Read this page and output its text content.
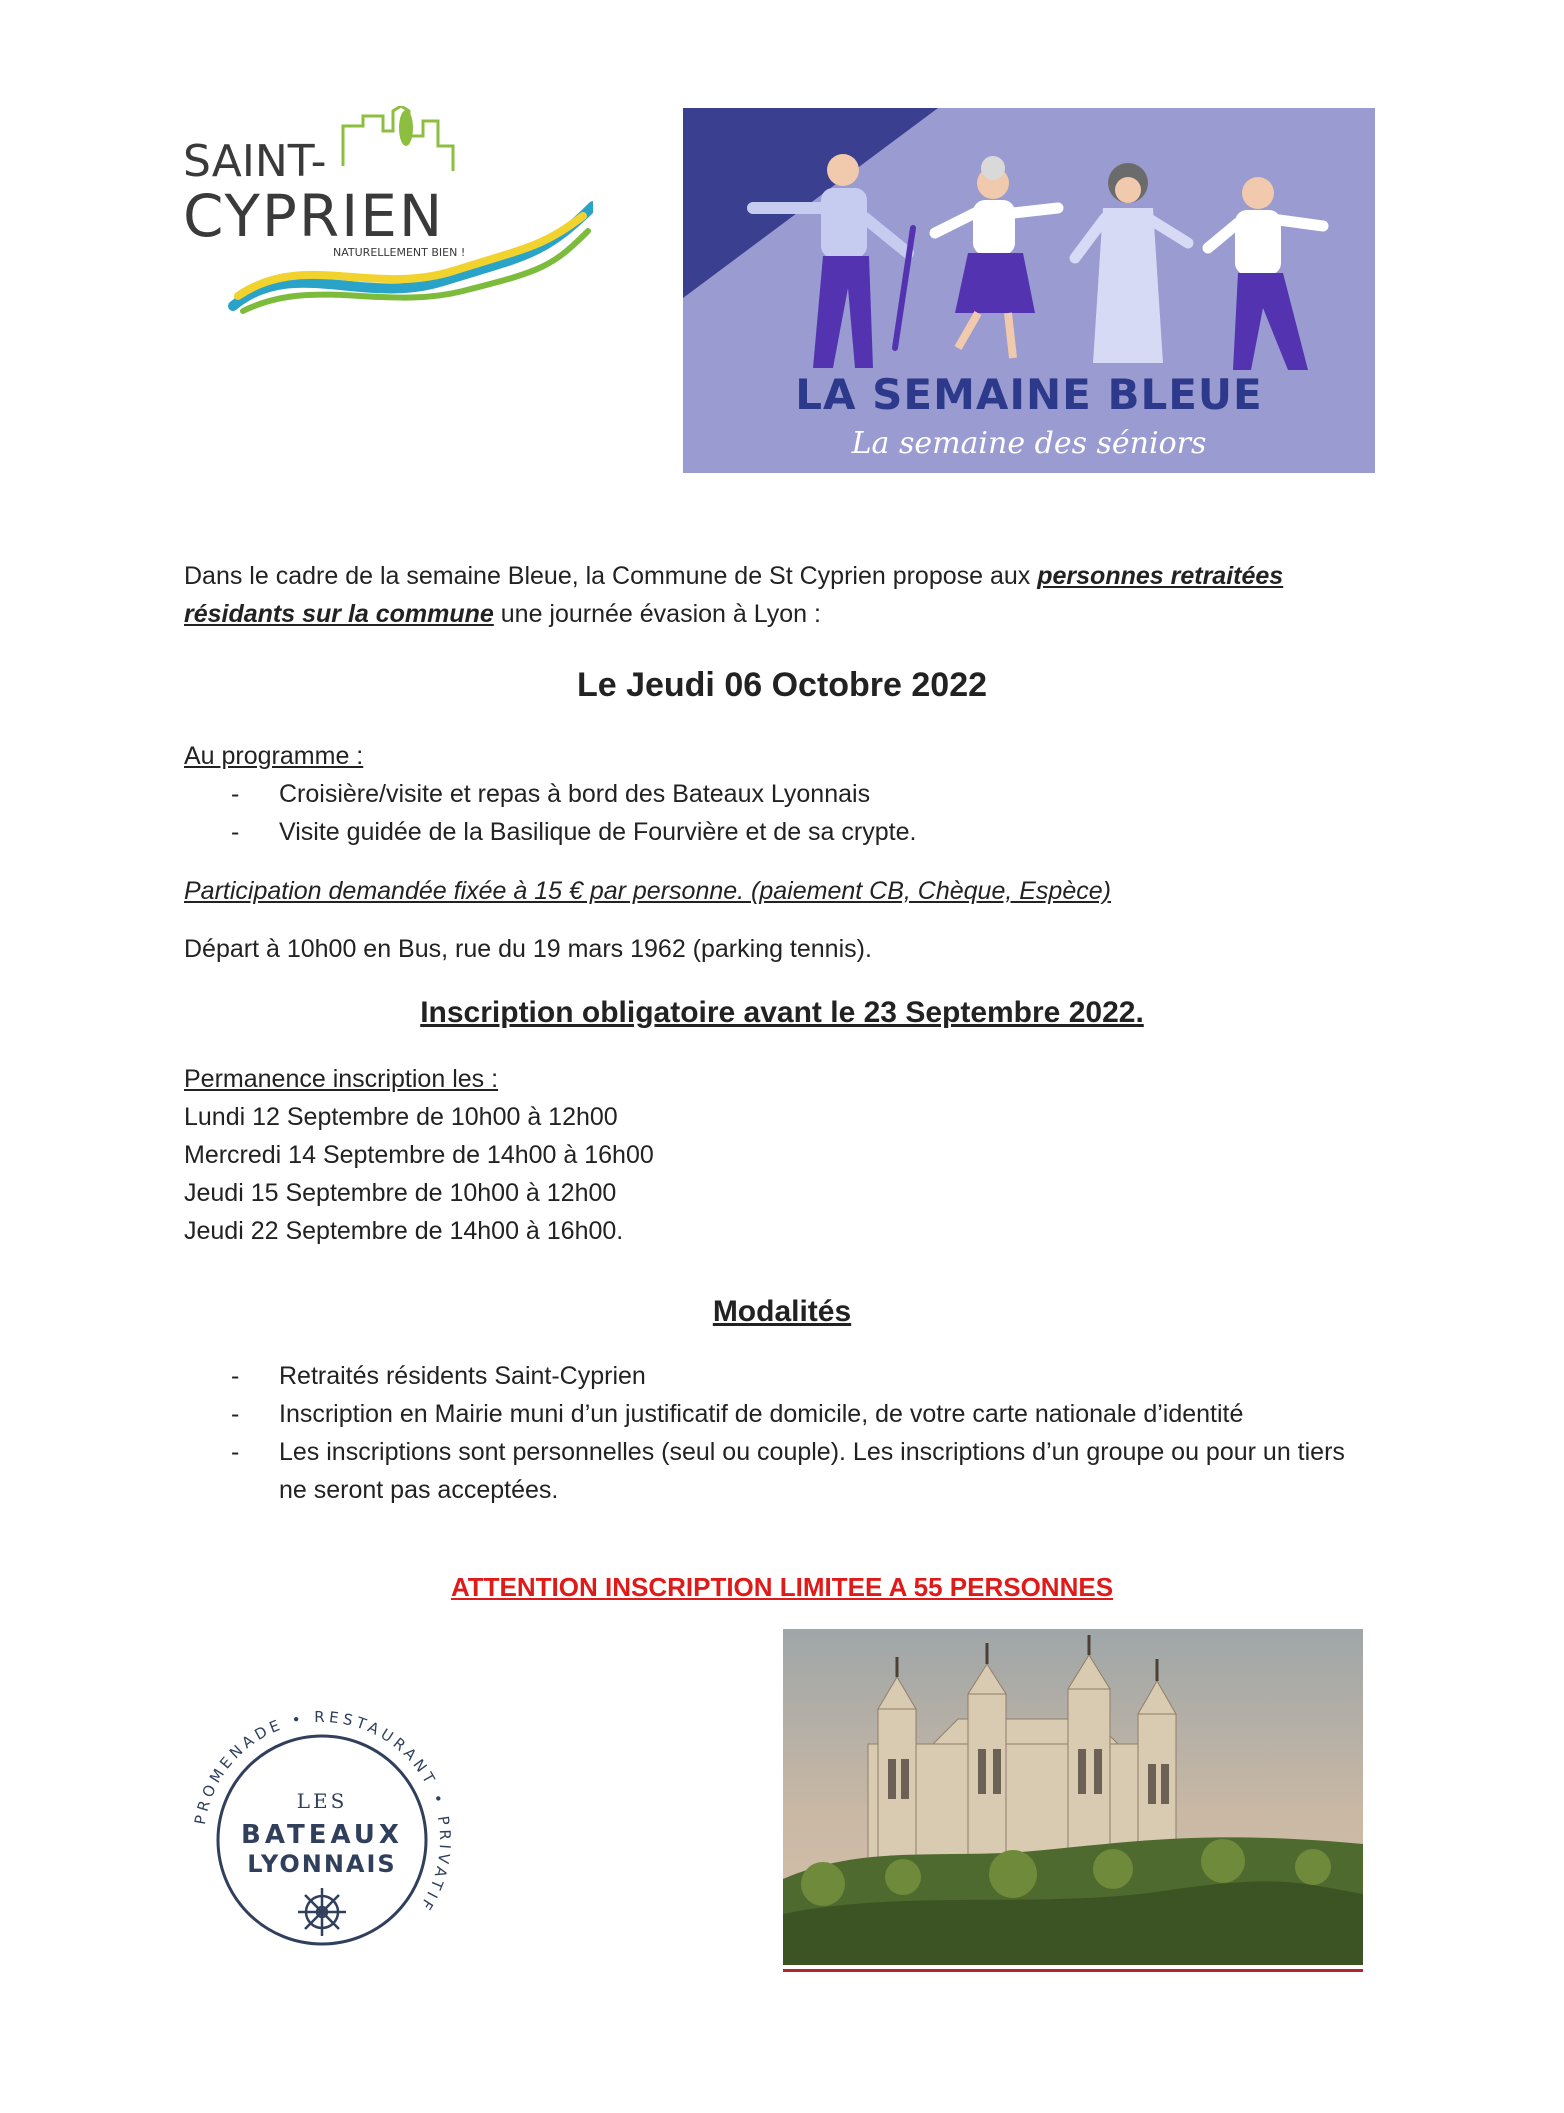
SAINT-
CYPRIEN
NATURELLEMENT BIEN !
LA SEMAINE BLEUE
La semaine des séniors
Dans le cadre de la semaine Bleue, la Commune de St Cyprien propose aux personnes retraitées résidants sur la commune une journée évasion à Lyon :
Le Jeudi 06 Octobre 2022
Au programme :
- Croisière/visite et repas à bord des Bateaux Lyonnais
- Visite guidée de la Basilique de Fourvière et de sa crypte.
Participation demandée fixée à 15 € par personne. (paiement CB, Chèque, Espèce)
Départ à 10h00 en Bus, rue du 19 mars 1962 (parking tennis).
Inscription obligatoire avant le 23 Septembre 2022.
Permanence inscription les :
Lundi 12 Septembre de 10h00 à 12h00
Mercredi 14 Septembre de 14h00 à 16h00
Jeudi 15 Septembre de 10h00 à 12h00
Jeudi 22 Septembre de 14h00 à 16h00.
Modalités
- Retraités résidents Saint-Cyprien
- Inscription en Mairie muni d’un justificatif de domicile, de votre carte nationale d’identité
- Les inscriptions sont personnelles (seul ou couple). Les inscriptions d’un groupe ou pour un tiers ne seront pas acceptées.
ATTENTION INSCRIPTION LIMITEE A 55 PERSONNES
PROMENADE • RESTAURANT • PRIVATIF
LES
BATEAUX
LYONNAIS
